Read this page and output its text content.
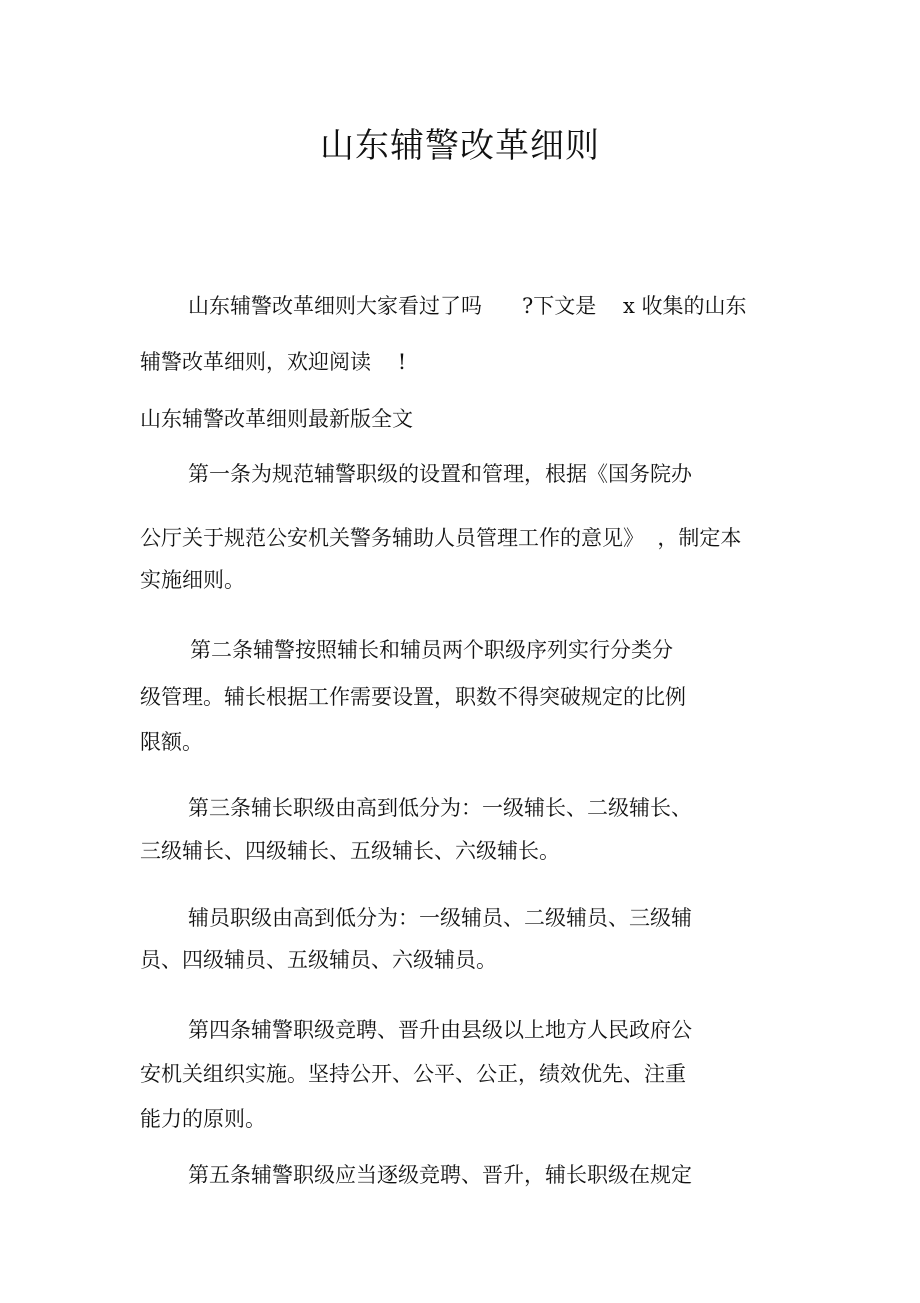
山东辅警改革细则

山东辅警改革细则大家看过了吗      ?下文是    x 收集的山东

辅警改革细则，欢迎阅读    !

山东辅警改革细则最新版全文

第一条为规范辅警职级的设置和管理，根据《国务院办

公厅关于规范公安机关警务辅助人员管理工作的意见》  ，制定本

实施细则。

第二条辅警按照辅长和辅员两个职级序列实行分类分

级管理。辅长根据工作需要设置，职数不得突破规定的比例

限额。

第三条辅长职级由高到低分为：一级辅长、二级辅长、

三级辅长、四级辅长、五级辅长、六级辅长。

辅员职级由高到低分为：一级辅员、二级辅员、三级辅

员、四级辅员、五级辅员、六级辅员。

第四条辅警职级竞聘、晋升由县级以上地方人民政府公

安机关组织实施。坚持公开、公平、公正，绩效优先、注重

能力的原则。

第五条辅警职级应当逐级竞聘、晋升，辅长职级在规定
